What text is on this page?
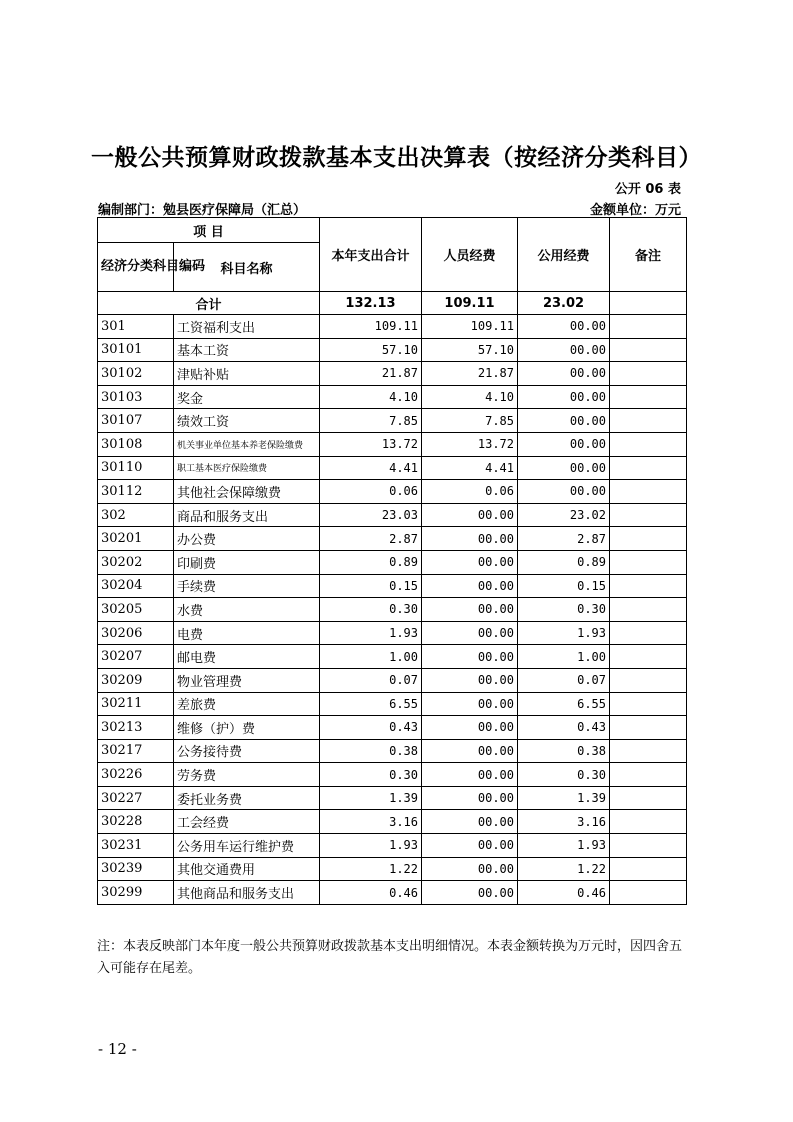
一般公共预算财政拨款基本支出决算表（按经济分类科目）
公开 06 表
编制部门：勉县医疗保障局（汇总）	金额单位：万元
项 目		本年支出合计	人员经费	公用经费	备注
经济分类科目编码	科目名称				
合计		132.13	109.11	23.02	
301	工资福利支出	109.11	109.11	00.00	
30101	基本工资	57.10	57.10	00.00	
30102	津贴补贴	21.87	21.87	00.00	
30103	奖金	4.10	4.10	00.00	
30107	绩效工资	7.85	7.85	00.00	
30108	机关事业单位基本养老保险缴费	13.72	13.72	00.00	
30110	职工基本医疗保险缴费	4.41	4.41	00.00	
30112	其他社会保障缴费	0.06	0.06	00.00	
302	商品和服务支出	23.03	00.00	23.02	
30201	办公费	2.87	00.00	2.87	
30202	印刷费	0.89	00.00	0.89	
30204	手续费	0.15	00.00	0.15	
30205	水费	0.30	00.00	0.30	
30206	电费	1.93	00.00	1.93	
30207	邮电费	1.00	00.00	1.00	
30209	物业管理费	0.07	00.00	0.07	
30211	差旅费	6.55	00.00	6.55	
30213	维修（护）费	0.43	00.00	0.43	
30217	公务接待费	0.38	00.00	0.38	
30226	劳务费	0.30	00.00	0.30	
30227	委托业务费	1.39	00.00	1.39	
30228	工会经费	3.16	00.00	3.16	
30231	公务用车运行维护费	1.93	00.00	1.93	
30239	其他交通费用	1.22	00.00	1.22	
30299	其他商品和服务支出	0.46	00.00	0.46	
注：本表反映部门本年度一般公共预算财政拨款基本支出明细情况。本表金额转换为万元时，因四舍五入可能存在尾差。
- 12 -
